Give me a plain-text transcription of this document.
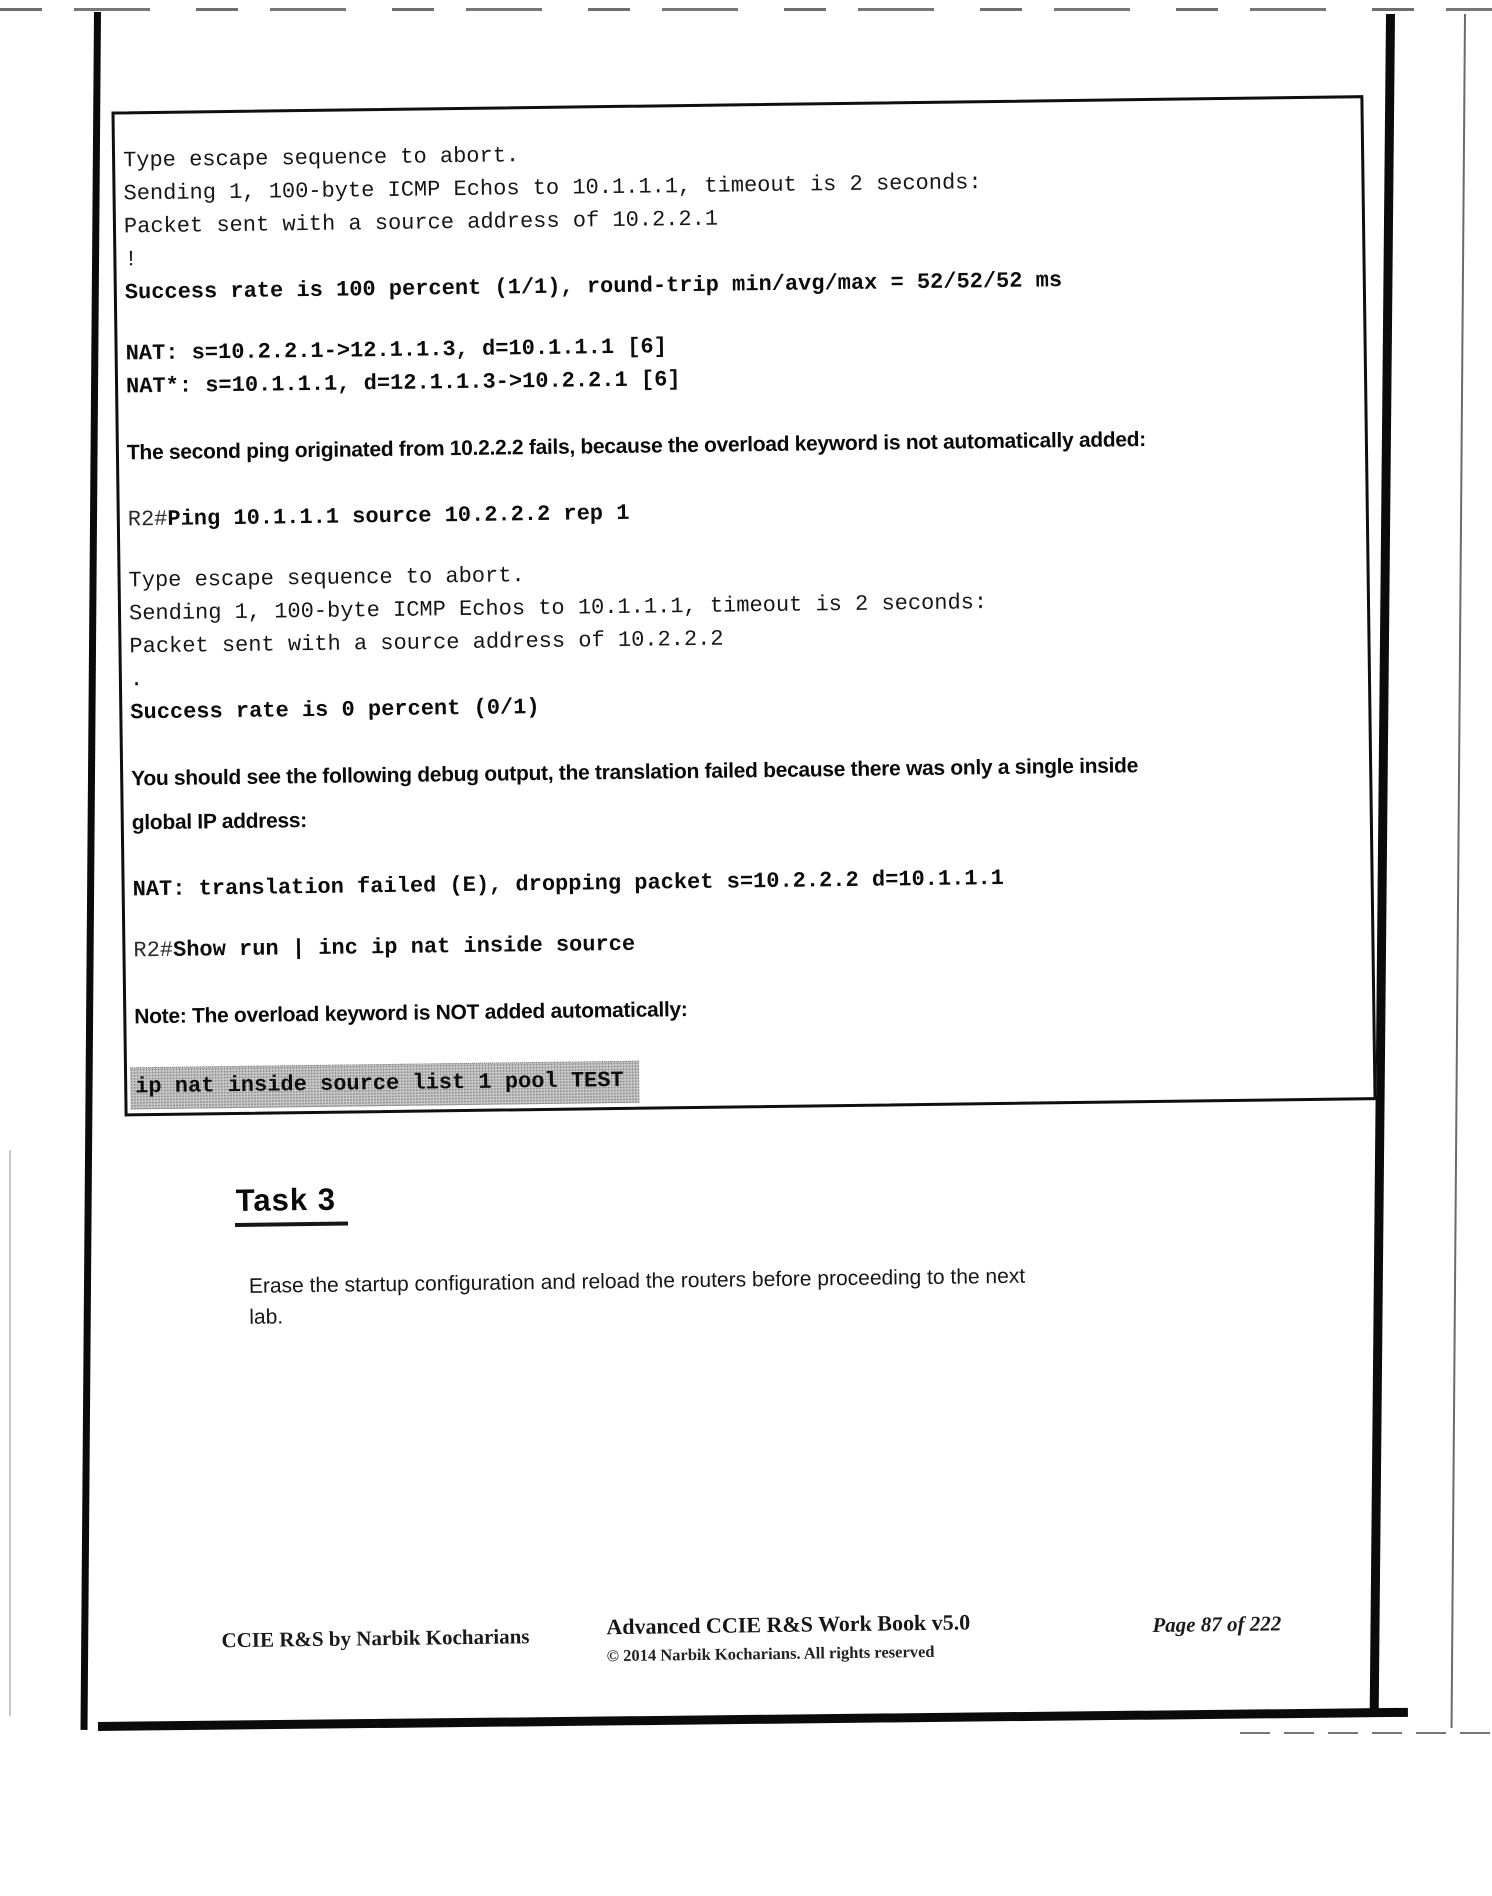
Type escape sequence to abort.
Sending 1, 100-byte ICMP Echos to 10.1.1.1, timeout is 2 seconds:
Packet sent with a source address of 10.2.2.1
!
Success rate is 100 percent (1/1), round-trip min/avg/max = 52/52/52 ms
NAT: s=10.2.2.1->12.1.1.3, d=10.1.1.1 [6]
NAT*: s=10.1.1.1, d=12.1.1.3->10.2.2.1 [6]
The second ping originated from 10.2.2.2 fails, because the overload keyword is not automatically added:
R2#Ping 10.1.1.1 source 10.2.2.2 rep 1
Type escape sequence to abort.
Sending 1, 100-byte ICMP Echos to 10.1.1.1, timeout is 2 seconds:
Packet sent with a source address of 10.2.2.2
.
Success rate is 0 percent (0/1)
You should see the following debug output, the translation failed because there was only a single inside
global IP address:
NAT: translation failed (E), dropping packet s=10.2.2.2 d=10.1.1.1
R2#Show run | inc ip nat inside source
Note: The overload keyword is NOT added automatically:
ip nat inside source list 1 pool TEST
Task 3
Erase the startup configuration and reload the routers before proceeding to the next
lab.
CCIE R&S by Narbik Kocharians	Advanced CCIE R&S Work Book v5.0
© 2014 Narbik Kocharians. All rights reserved
Page 87 of 222
